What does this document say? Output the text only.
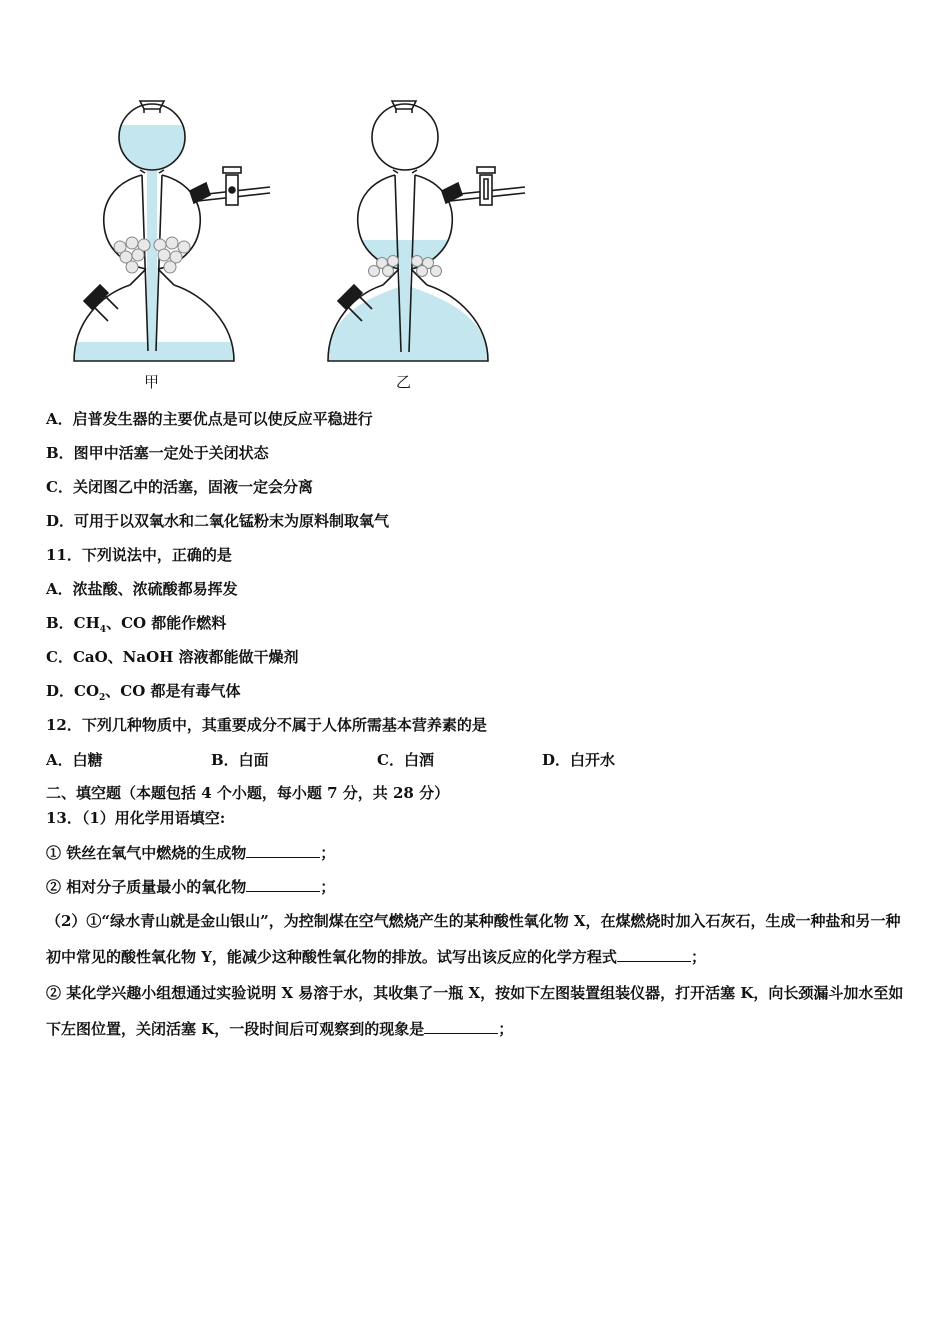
甲	乙
A．启普发生器的主要优点是可以使反应平稳进行
B．图甲中活塞一定处于关闭状态
C．关闭图乙中的活塞，固液一定会分离
D．可用于以双氧水和二氧化锰粉末为原料制取氧气
11．下列说法中，正确的是
A．浓盐酸、浓硫酸都易挥发
B．$CH_4$、CO 都能作燃料
C．CaO、NaOH 溶液都能做干燥剂
D．$CO_2$、CO 都是有毒气体
12．下列几种物质中，其重要成分不属于人体所需基本营养素的是
A．白糖	B．白面	C．白酒	D．白开水
二、填空题（本题包括 4 个小题，每小题 7 分，共 28 分）
13．（1）用化学用语填空:
① 铁丝在氧气中燃烧的生成物	；
② 相对分子质量最小的氧化物	；
（2）①“绿水青山就是金山银山”，为控制煤在空气燃烧产生的某种酸性氧化物 X，在煤燃烧时加入石灰石，生成一种盐和另一种初中常见的酸性氧化物 Y，能减少这种酸性氧化物的排放。试写出该反应的化学方程式	；
② 某化学兴趣小组想通过实验说明 X 易溶于水，其收集了一瓶 X，按如下左图装置组装仪器，打开活塞 K，向长颈漏斗加水至如下左图位置，关闭活塞 K，一段时间后可观察到的现象是	；
